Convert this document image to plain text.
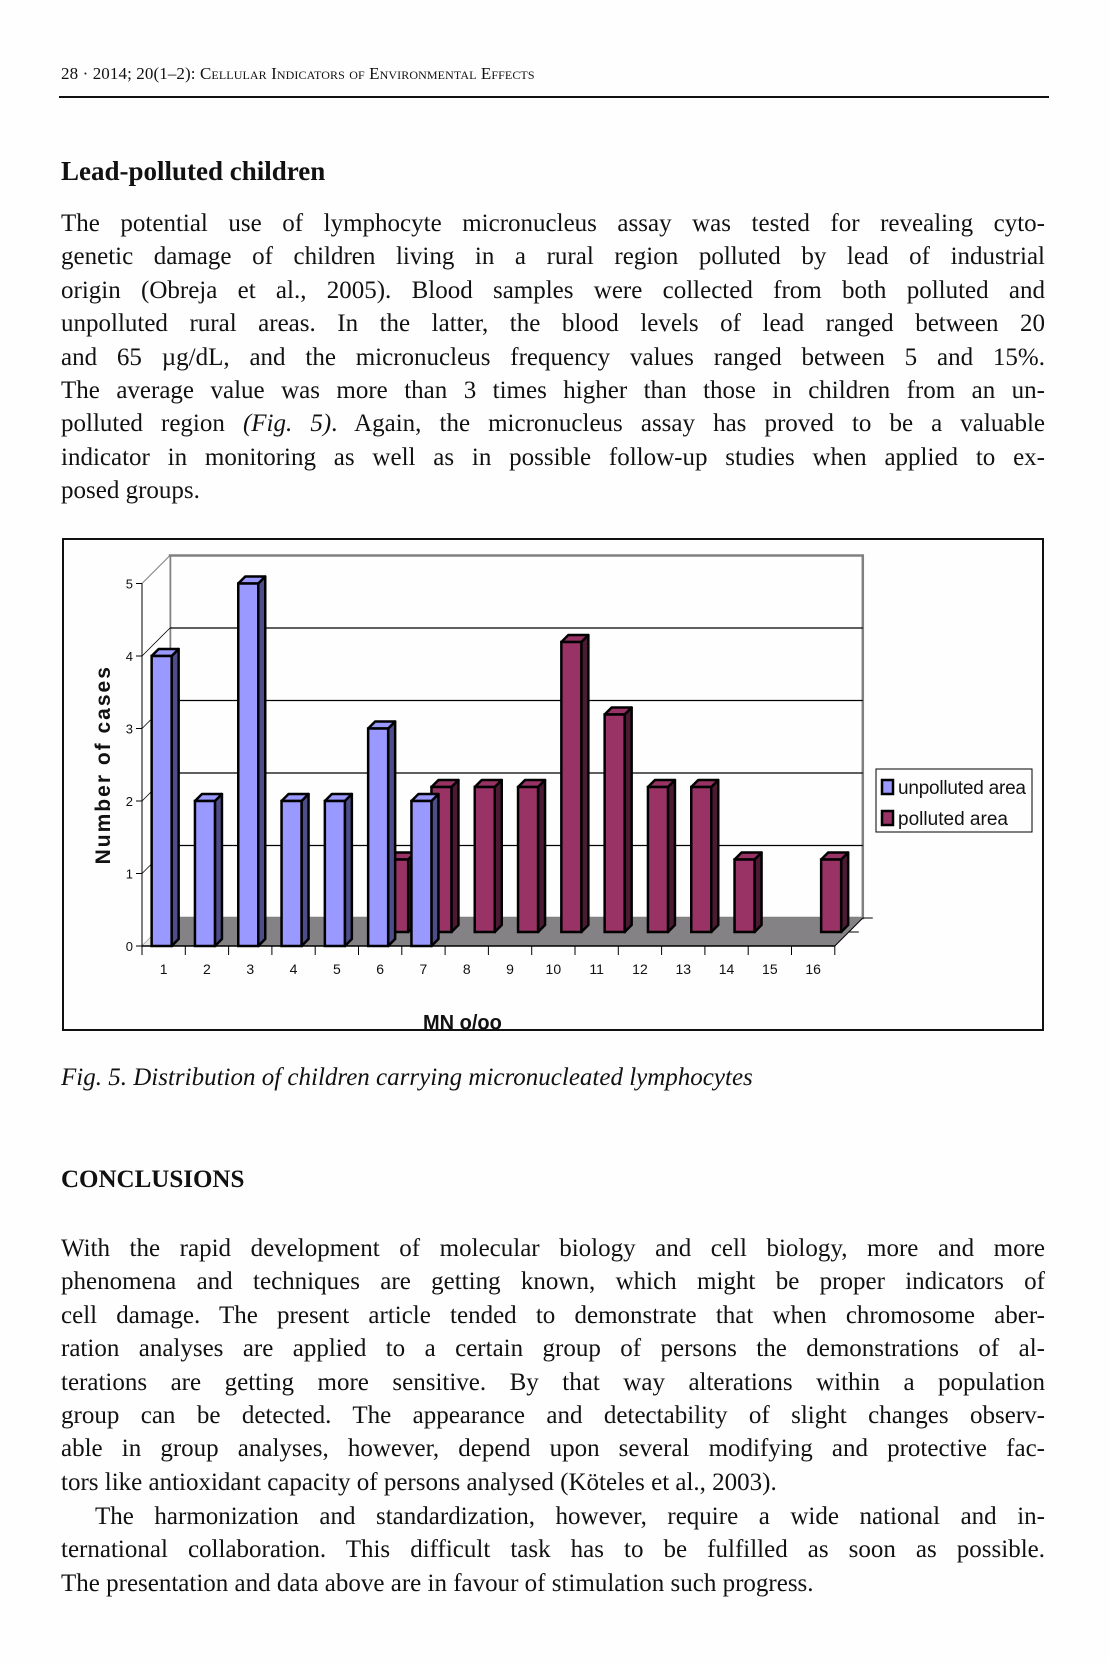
28 · 2014; 20(1–2): Cellular Indicators of Environmental Effects
Lead-polluted children
The potential use of lymphocyte micronucleus assay was tested for revealing cyto-
genetic damage of children living in a rural region polluted by lead of industrial
origin (Obreja et al., 2005). Blood samples were collected from both polluted and
unpolluted rural areas. In the latter, the blood levels of lead ranged between 20
and 65 µg/dL, and the micronucleus frequency values ranged between 5 and 15%.
The average value was more than 3 times higher than those in children from an un-
polluted region (Fig. 5). Again, the micronucleus assay has proved to be a valuable
indicator in monitoring as well as in possible follow-up studies when applied to ex-
posed groups.
0
1
2
3
4
5
1	2	3	4	5	6	7	8	9 10 11 12 13 14 15 16
Number of cases
MN o/oo
unpolluted area
polluted area
Fig. 5. Distribution of children carrying micronucleated lymphocytes
CONCLUSIONS
With the rapid development of molecular biology and cell biology, more and more
phenomena and techniques are getting known, which might be proper indicators of
cell damage. The present article tended to demonstrate that when chromosome aber-
ration analyses are applied to a certain group of persons the demonstrations of al-
terations are getting more sensitive. By that way alterations within a population
group can be detected. The appearance and detectability of slight changes observ-
able in group analyses, however, depend upon several modifying and protective fac-
tors like antioxidant capacity of persons analysed (Köteles et al., 2003).
The harmonization and standardization, however, require a wide national and in-
ternational collaboration. This difficult task has to be fulfilled as soon as possible.
The presentation and data above are in favour of stimulation such progress.
